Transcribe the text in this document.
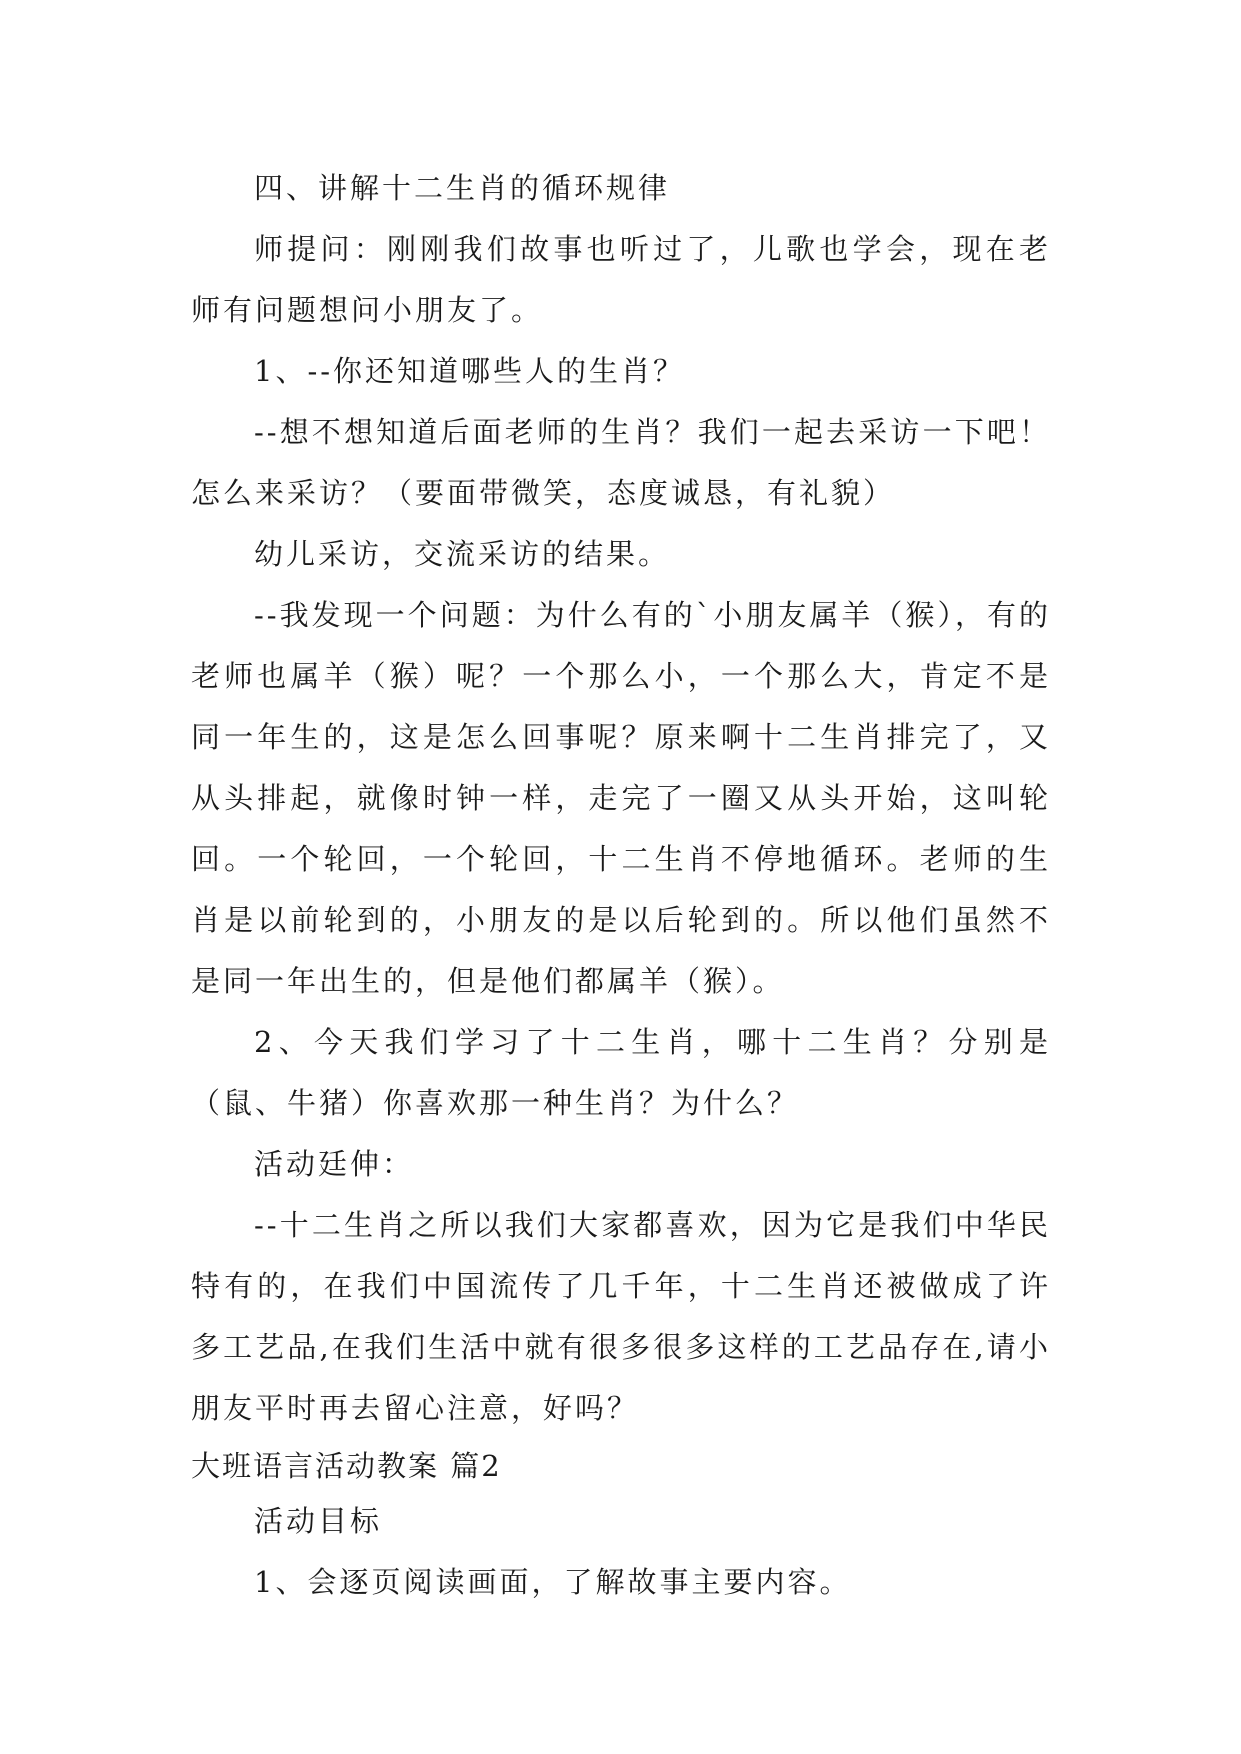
四、讲解十二生肖的循环规律

师提问：刚刚我们故事也听过了，儿歌也学会，现在老师有问题想问小朋友了。

1、--你还知道哪些人的生肖？

--想不想知道后面老师的生肖？我们一起去采访一下吧！怎么来采访？（要面带微笑，态度诚恳，有礼貌）

幼儿采访，交流采访的结果。

--我发现一个问题：为什么有的`小朋友属羊（猴），有的老师也属羊（猴）呢？一个那么小，一个那么大，肯定不是同一年生的，这是怎么回事呢？原来啊十二生肖排完了，又从头排起，就像时钟一样，走完了一圈又从头开始，这叫轮回。一个轮回，一个轮回，十二生肖不停地循环。老师的生肖是以前轮到的，小朋友的是以后轮到的。所以他们虽然不是同一年出生的，但是他们都属羊（猴）。

2、今天我们学习了十二生肖，哪十二生肖？分别是（鼠、牛猪）你喜欢那一种生肖？为什么？

活动廷伸：

--十二生肖之所以我们大家都喜欢，因为它是我们中华民特有的，在我们中国流传了几千年，十二生肖还被做成了许多工艺品,在我们生活中就有很多很多这样的工艺品存在,请小朋友平时再去留心注意，好吗？

大班语言活动教案 篇2

活动目标

1、会逐页阅读画面，了解故事主要内容。
